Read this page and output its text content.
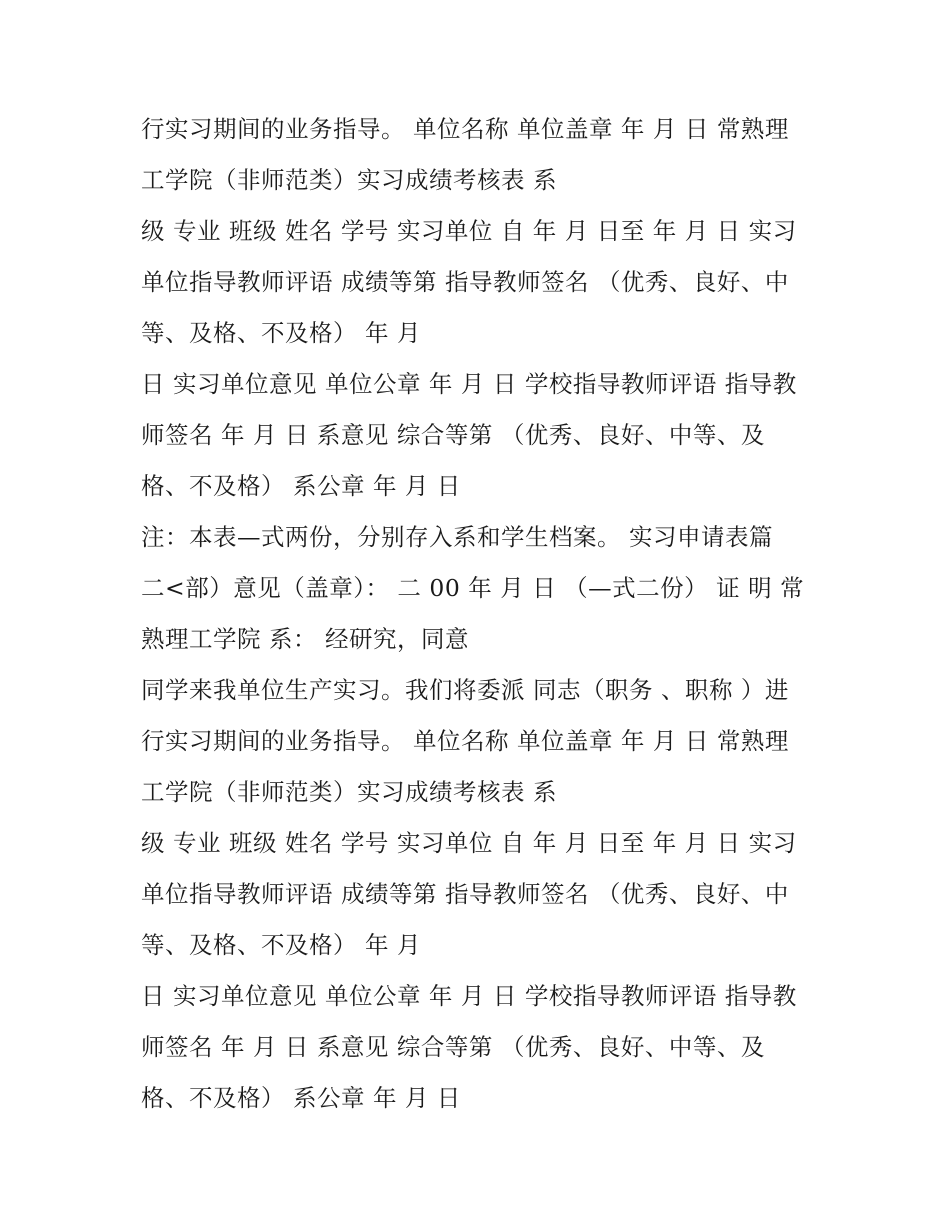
行实习期间的业务指导。 单位名称 单位盖章 年 月 日 常熟理
工学院（非师范类）实习成绩考核表 系
级 专业 班级 姓名 学号 实习单位 自 年 月 日至 年 月 日 实习
单位指导教师评语 成绩等第 指导教师签名 （优秀、良好、中
等、及格、不及格） 年 月
日 实习单位意见 单位公章 年 月 日 学校指导教师评语 指导教
师签名 年 月 日 系意见 综合等第 （优秀、良好、中等、及
格、不及格） 系公章 年 月 日
注：本表—式两份，分别存入系和学生档案。 实习申请表篇
二<部）意见（盖章）： 二 00 年 月 日 （—式二份） 证 明 常
熟理工学院 系： 经研究，同意
同学来我单位生产实习。我们将委派 同志（职务 、职称 ）进
行实习期间的业务指导。 单位名称 单位盖章 年 月 日 常熟理
工学院（非师范类）实习成绩考核表 系
级 专业 班级 姓名 学号 实习单位 自 年 月 日至 年 月 日 实习
单位指导教师评语 成绩等第 指导教师签名 （优秀、良好、中
等、及格、不及格） 年 月
日 实习单位意见 单位公章 年 月 日 学校指导教师评语 指导教
师签名 年 月 日 系意见 综合等第 （优秀、良好、中等、及
格、不及格） 系公章 年 月 日
